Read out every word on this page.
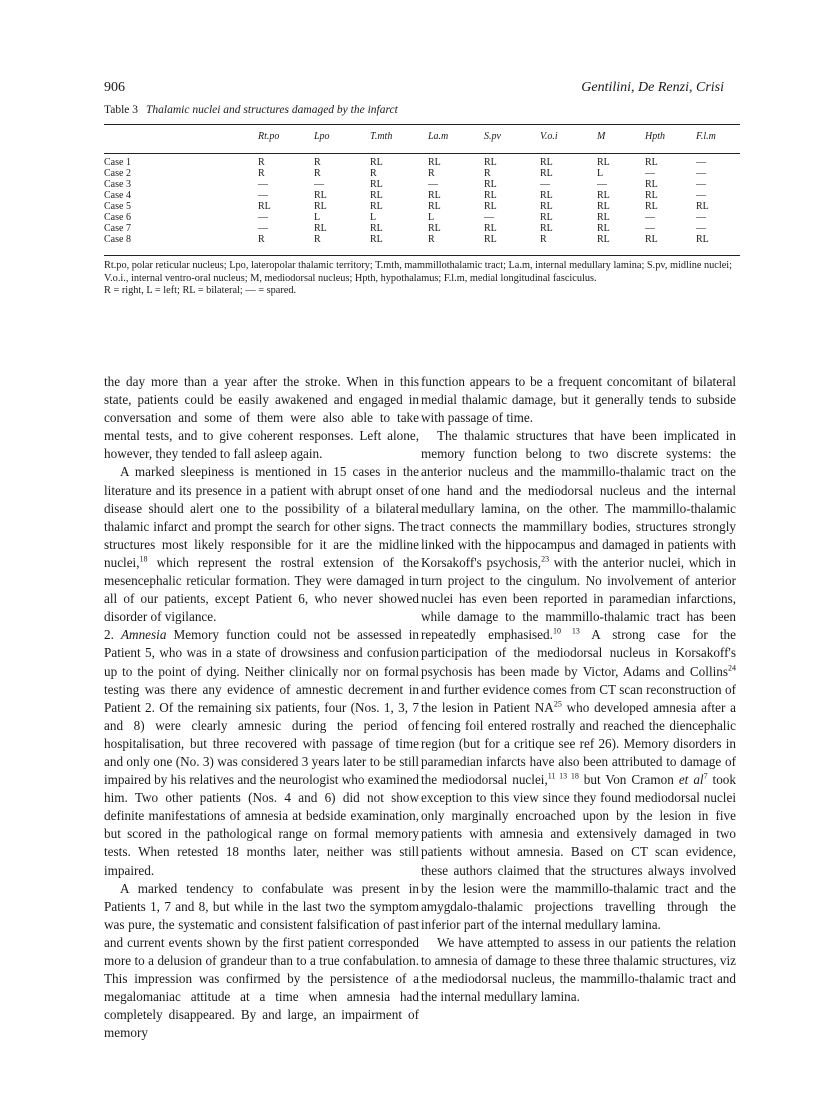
906	Gentilini, De Renzi, Crisi
Table 3 Thalamic nuclei and structures damaged by the infarct
	Rt.po	Lpo	T.mth	La.m	S.pv	V.o.i	M	Hpth	F.l.m
Case 1	R	R	RL	RL	RL	RL	RL	RL	—
Case 2	R	R	R	R	R	RL	L	—	—
Case 3	—	—	RL	—	RL	—	—	RL	—
Case 4	—	RL	RL	RL	RL	RL	RL	RL	—
Case 5	RL	RL	RL	RL	RL	RL	RL	RL	RL
Case 6	—	L	L	L	—	RL	RL	—	—
Case 7	—	RL	RL	RL	RL	RL	RL	—	—
Case 8	R	R	RL	R	RL	R	RL	RL	RL

Rt.po, polar reticular nucleus; Lpo, lateropolar thalamic territory; T.mth, mammillothalamic tract; La.m, internal medullary lamina; S.pv, midline nuclei; V.o.i., internal ventro-oral nucleus; M, mediodorsal nucleus; Hpth, hypothalamus; F.l.m, medial longitudinal fasciculus.

R = right, L = left; RL = bilateral; — = spared.

the day more than a year after the stroke. When in this state, patients could be easily awakened and engaged in conversation and some of them were also able to take mental tests, and to give coherent responses. Left alone, however, they tended to fall asleep again.

A marked sleepiness is mentioned in 15 cases in the literature and its presence in a patient with abrupt onset of disease should alert one to the possibility of a bilateral thalamic infarct and prompt the search for other signs. The structures most likely responsible for it are the midline nuclei,$^{18}$ which represent the rostral extension of the mesencephalic reticular formation. They were damaged in all of our patients, except Patient 6, who never showed disorder of vigilance.

2. Amnesia Memory function could not be assessed in Patient 5, who was in a state of drowsiness and confusion up to the point of dying. Neither clinically nor on formal testing was there any evidence of amnestic decrement in Patient 2. Of the remaining six patients, four (Nos. 1, 3, 7 and 8) were clearly amnesic during the period of hospitalisation, but three recovered with passage of time and only one (No. 3) was considered 3 years later to be still impaired by his relatives and the neurologist who examined him. Two other patients (Nos. 4 and 6) did not show definite manifestations of amnesia at bedside examination, but scored in the pathological range on formal memory tests. When retested 18 months later, neither was still impaired.

A marked tendency to confabulate was present in Patients 1, 7 and 8, but while in the last two the symptom was pure, the systematic and consistent falsification of past and current events shown by the first patient corresponded more to a delusion of grandeur than to a true confabulation. This impression was confirmed by the persistence of a megalomaniac attitude at a time when amnesia had completely disappeared. By and large, an impairment of memory

function appears to be a frequent concomitant of bilateral medial thalamic damage, but it generally tends to subside with passage of time.

The thalamic structures that have been implicated in memory function belong to two discrete systems: the anterior nucleus and the mammillo-thalamic tract on the one hand and the mediodorsal nucleus and the internal medullary lamina, on the other. The mammillo-thalamic tract connects the mammillary bodies, structures strongly linked with the hippocampus and damaged in patients with Korsakoff's psychosis,$^{23}$ with the anterior nuclei, which in turn project to the cingulum. No involvement of anterior nuclei has even been reported in paramedian infarctions, while damage to the mammillo-thalamic tract has been repeatedly emphasised.$^{10 13}$ A strong case for the participation of the mediodorsal nucleus in Korsakoff's psychosis has been made by Victor, Adams and Collins$^{24}$ and further evidence comes from CT scan reconstruction of the lesion in Patient NA$^{25}$ who developed amnesia after a fencing foil entered rostrally and reached the diencephalic region (but for a critique see ref 26). Memory disorders in paramedian infarcts have also been attributed to damage of the mediodorsal nuclei,$^{11 13 18}$ but Von Cramon et $al^7$ took exception to this view since they found mediodorsal nuclei only marginally encroached upon by the lesion in five patients with amnesia and extensively damaged in two patients without amnesia. Based on CT scan evidence, these authors claimed that the structures always involved by the lesion were the mammillo-thalamic tract and the amygdalo-thalamic projections travelling through the inferior part of the internal medullary lamina.

We have attempted to assess in our patients the relation to amnesia of damage to these three thalamic structures, viz the mediodorsal nucleus, the mammillo-thalamic tract and the internal medullary lamina.
